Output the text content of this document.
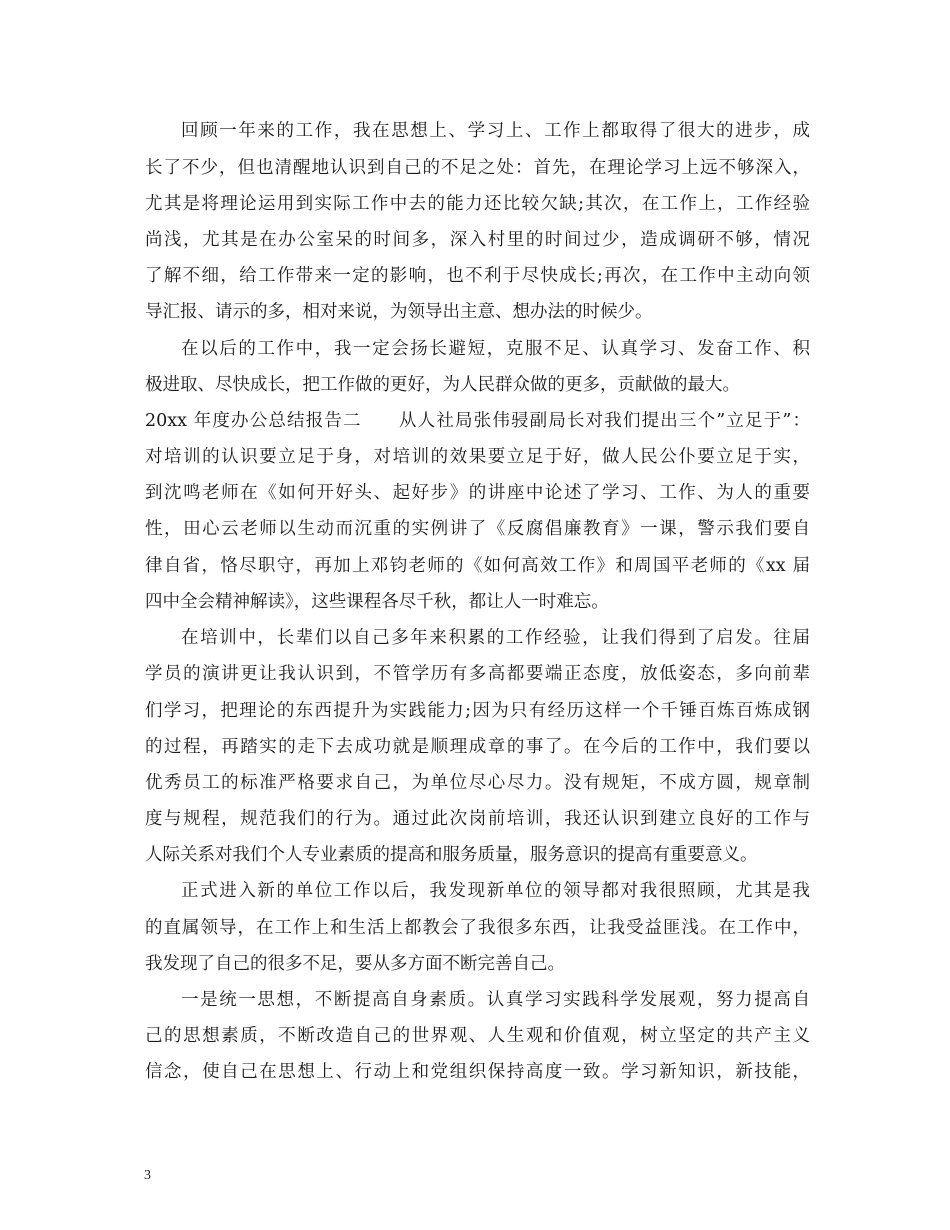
回顾一年来的工作，我在思想上、学习上、工作上都取得了很大的进步，成
长了不少，但也清醒地认识到自己的不足之处：首先，在理论学习上远不够深入，
尤其是将理论运用到实际工作中去的能力还比较欠缺;其次，在工作上，工作经验
尚浅，尤其是在办公室呆的时间多，深入村里的时间过少，造成调研不够，情况
了解不细，给工作带来一定的影响，也不利于尽快成长;再次，在工作中主动向领
导汇报、请示的多，相对来说，为领导出主意、想办法的时候少。
在以后的工作中，我一定会扬长避短，克服不足、认真学习、发奋工作、积
极进取、尽快成长，把工作做的更好，为人民群众做的更多，贡献做的最大。
20xx 年度办公总结报告二　　从人社局张伟骎副局长对我们提出三个”立足于”：
对培训的认识要立足于身，对培训的效果要立足于好，做人民公仆要立足于实，
到沈鸣老师在《如何开好头、起好步》的讲座中论述了学习、工作、为人的重要
性，田心云老师以生动而沉重的实例讲了《反腐倡廉教育》一课，警示我们要自
律自省，恪尽职守，再加上邓钧老师的《如何高效工作》和周国平老师的《xx 届
四中全会精神解读》，这些课程各尽千秋，都让人一时难忘。
在培训中，长辈们以自己多年来积累的工作经验，让我们得到了启发。往届
学员的演讲更让我认识到，不管学历有多高都要端正态度，放低姿态，多向前辈
们学习，把理论的东西提升为实践能力;因为只有经历这样一个千锤百炼百炼成钢
的过程，再踏实的走下去成功就是顺理成章的事了。在今后的工作中，我们要以
优秀员工的标准严格要求自己，为单位尽心尽力。没有规矩，不成方圆，规章制
度与规程，规范我们的行为。通过此次岗前培训，我还认识到建立良好的工作与
人际关系对我们个人专业素质的提高和服务质量，服务意识的提高有重要意义。
正式进入新的单位工作以后，我发现新单位的领导都对我很照顾，尤其是我
的直属领导，在工作上和生活上都教会了我很多东西，让我受益匪浅。在工作中，
我发现了自己的很多不足，要从多方面不断完善自己。
一是统一思想，不断提高自身素质。认真学习实践科学发展观，努力提高自
己的思想素质，不断改造自己的世界观、人生观和价值观，树立坚定的共产主义
信念，使自己在思想上、行动上和党组织保持高度一致。学习新知识，新技能，
3
